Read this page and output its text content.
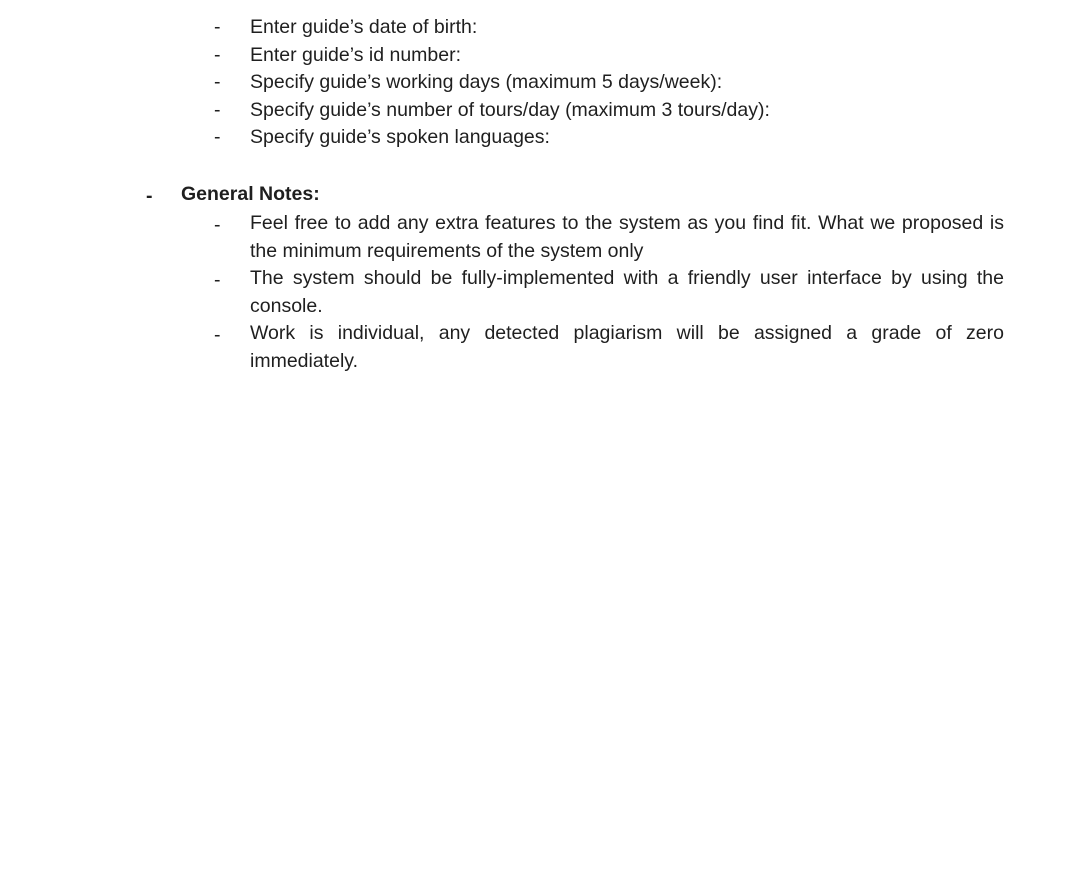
- Enter guide’s date of birth:
- Enter guide’s id number:
- Specify guide’s working days (maximum 5 days/week):
- Specify guide’s number of tours/day (maximum 3 tours/day):
- Specify guide’s spoken languages:
- General Notes:
- Feel free to add any extra features to the system as you find fit. What we proposed is the minimum requirements of the system only
- The system should be fully-implemented with a friendly user interface by using the console.
- Work is individual, any detected plagiarism will be assigned a grade of zero immediately.
